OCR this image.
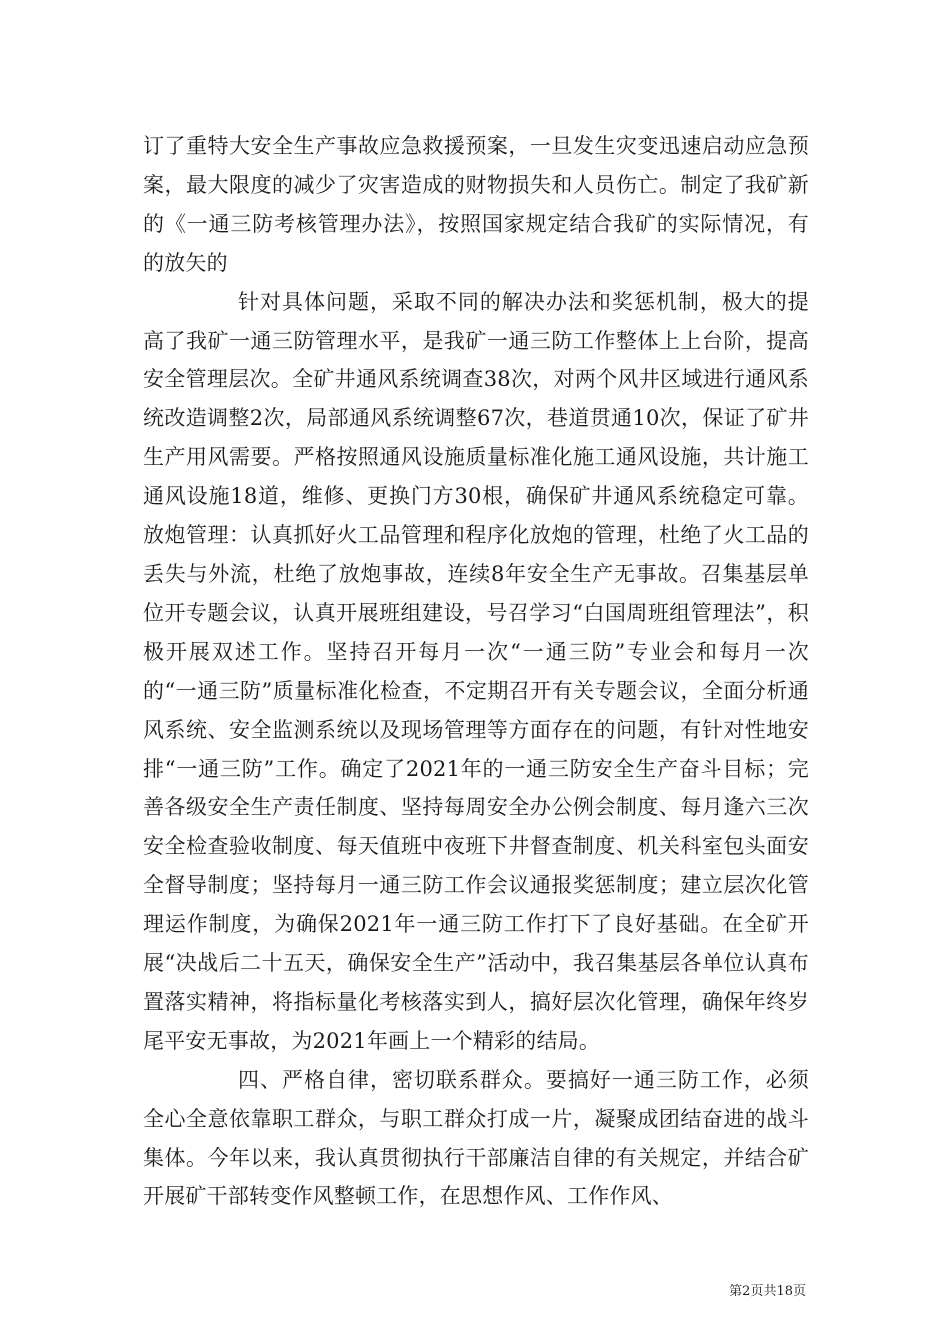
订了重特大安全生产事故应急救援预案，一旦发生灾变迅速启动应急预案，最大限度的减少了灾害造成的财物损失和人员伤亡。制定了我矿新的《一通三防考核管理办法》，按照国家规定结合我矿的实际情况，有的放矢的

针对具体问题，采取不同的解决办法和奖惩机制，极大的提高了我矿一通三防管理水平，是我矿一通三防工作整体上上台阶，提高安全管理层次。全矿井通风系统调查38次，对两个风井区域进行通风系统改造调整2次，局部通风系统调整67次，巷道贯通10次，保证了矿井生产用风需要。严格按照通风设施质量标准化施工通风设施，共计施工通风设施18道，维修、更换门方30根，确保矿井通风系统稳定可靠。放炮管理：认真抓好火工品管理和程序化放炮的管理，杜绝了火工品的丢失与外流，杜绝了放炮事故，连续8年安全生产无事故。召集基层单位开专题会议，认真开展班组建设，号召学习“白国周班组管理法”，积极开展双述工作。坚持召开每月一次“一通三防”专业会和每月一次的“一通三防”质量标准化检查，不定期召开有关专题会议，全面分析通风系统、安全监测系统以及现场管理等方面存在的问题，有针对性地安排“一通三防”工作。确定了2021年的一通三防安全生产奋斗目标；完善各级安全生产责任制度、坚持每周安全办公例会制度、每月逢六三次安全检查验收制度、每天值班中夜班下井督查制度、机关科室包头面安全督导制度；坚持每月一通三防工作会议通报奖惩制度；建立层次化管理运作制度，为确保2021年一通三防工作打下了良好基础。在全矿开展“决战后二十五天，确保安全生产”活动中，我召集基层各单位认真布置落实精神，将指标量化考核落实到人，搞好层次化管理，确保年终岁尾平安无事故，为2021年画上一个精彩的结局。

四、严格自律，密切联系群众。要搞好一通三防工作，必须全心全意依靠职工群众，与职工群众打成一片，凝聚成团结奋进的战斗集体。今年以来，我认真贯彻执行干部廉洁自律的有关规定，并结合矿开展矿干部转变作风整顿工作，在思想作风、工作作风、

第2页共18页
